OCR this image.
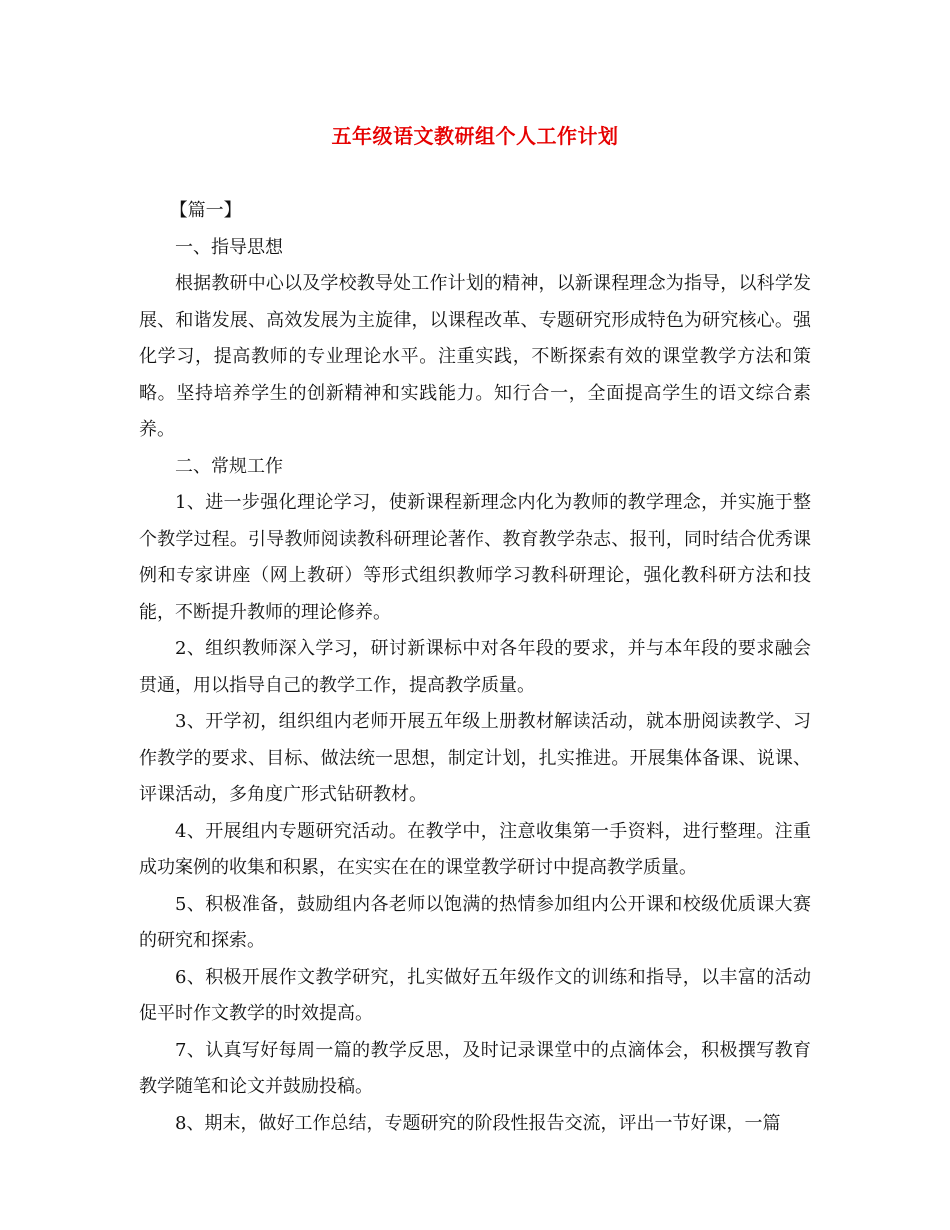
五年级语文教研组个人工作计划

【篇一】

一、指导思想

根据教研中心以及学校教导处工作计划的精神，以新课程理念为指导，以科学发展、和谐发展、高效发展为主旋律，以课程改革、专题研究形成特色为研究核心。强化学习，提高教师的专业理论水平。注重实践，不断探索有效的课堂教学方法和策略。坚持培养学生的创新精神和实践能力。知行合一，全面提高学生的语文综合素养。

二、常规工作

1、进一步强化理论学习，使新课程新理念内化为教师的教学理念，并实施于整个教学过程。引导教师阅读教科研理论著作、教育教学杂志、报刊，同时结合优秀课例和专家讲座（网上教研）等形式组织教师学习教科研理论，强化教科研方法和技能，不断提升教师的理论修养。

2、组织教师深入学习，研讨新课标中对各年段的要求，并与本年段的要求融会贯通，用以指导自己的教学工作，提高教学质量。

3、开学初，组织组内老师开展五年级上册教材解读活动，就本册阅读教学、习作教学的要求、目标、做法统一思想，制定计划，扎实推进。开展集体备课、说课、评课活动，多角度广形式钻研教材。

4、开展组内专题研究活动。在教学中，注意收集第一手资料，进行整理。注重成功案例的收集和积累，在实实在在的课堂教学研讨中提高教学质量。

5、积极准备，鼓励组内各老师以饱满的热情参加组内公开课和校级优质课大赛的研究和探索。

6、积极开展作文教学研究，扎实做好五年级作文的训练和指导，以丰富的活动促平时作文教学的时效提高。

7、认真写好每周一篇的教学反思，及时记录课堂中的点滴体会，积极撰写教育教学随笔和论文并鼓励投稿。

8、期末，做好工作总结，专题研究的阶段性报告交流，评出一节好课，一篇
